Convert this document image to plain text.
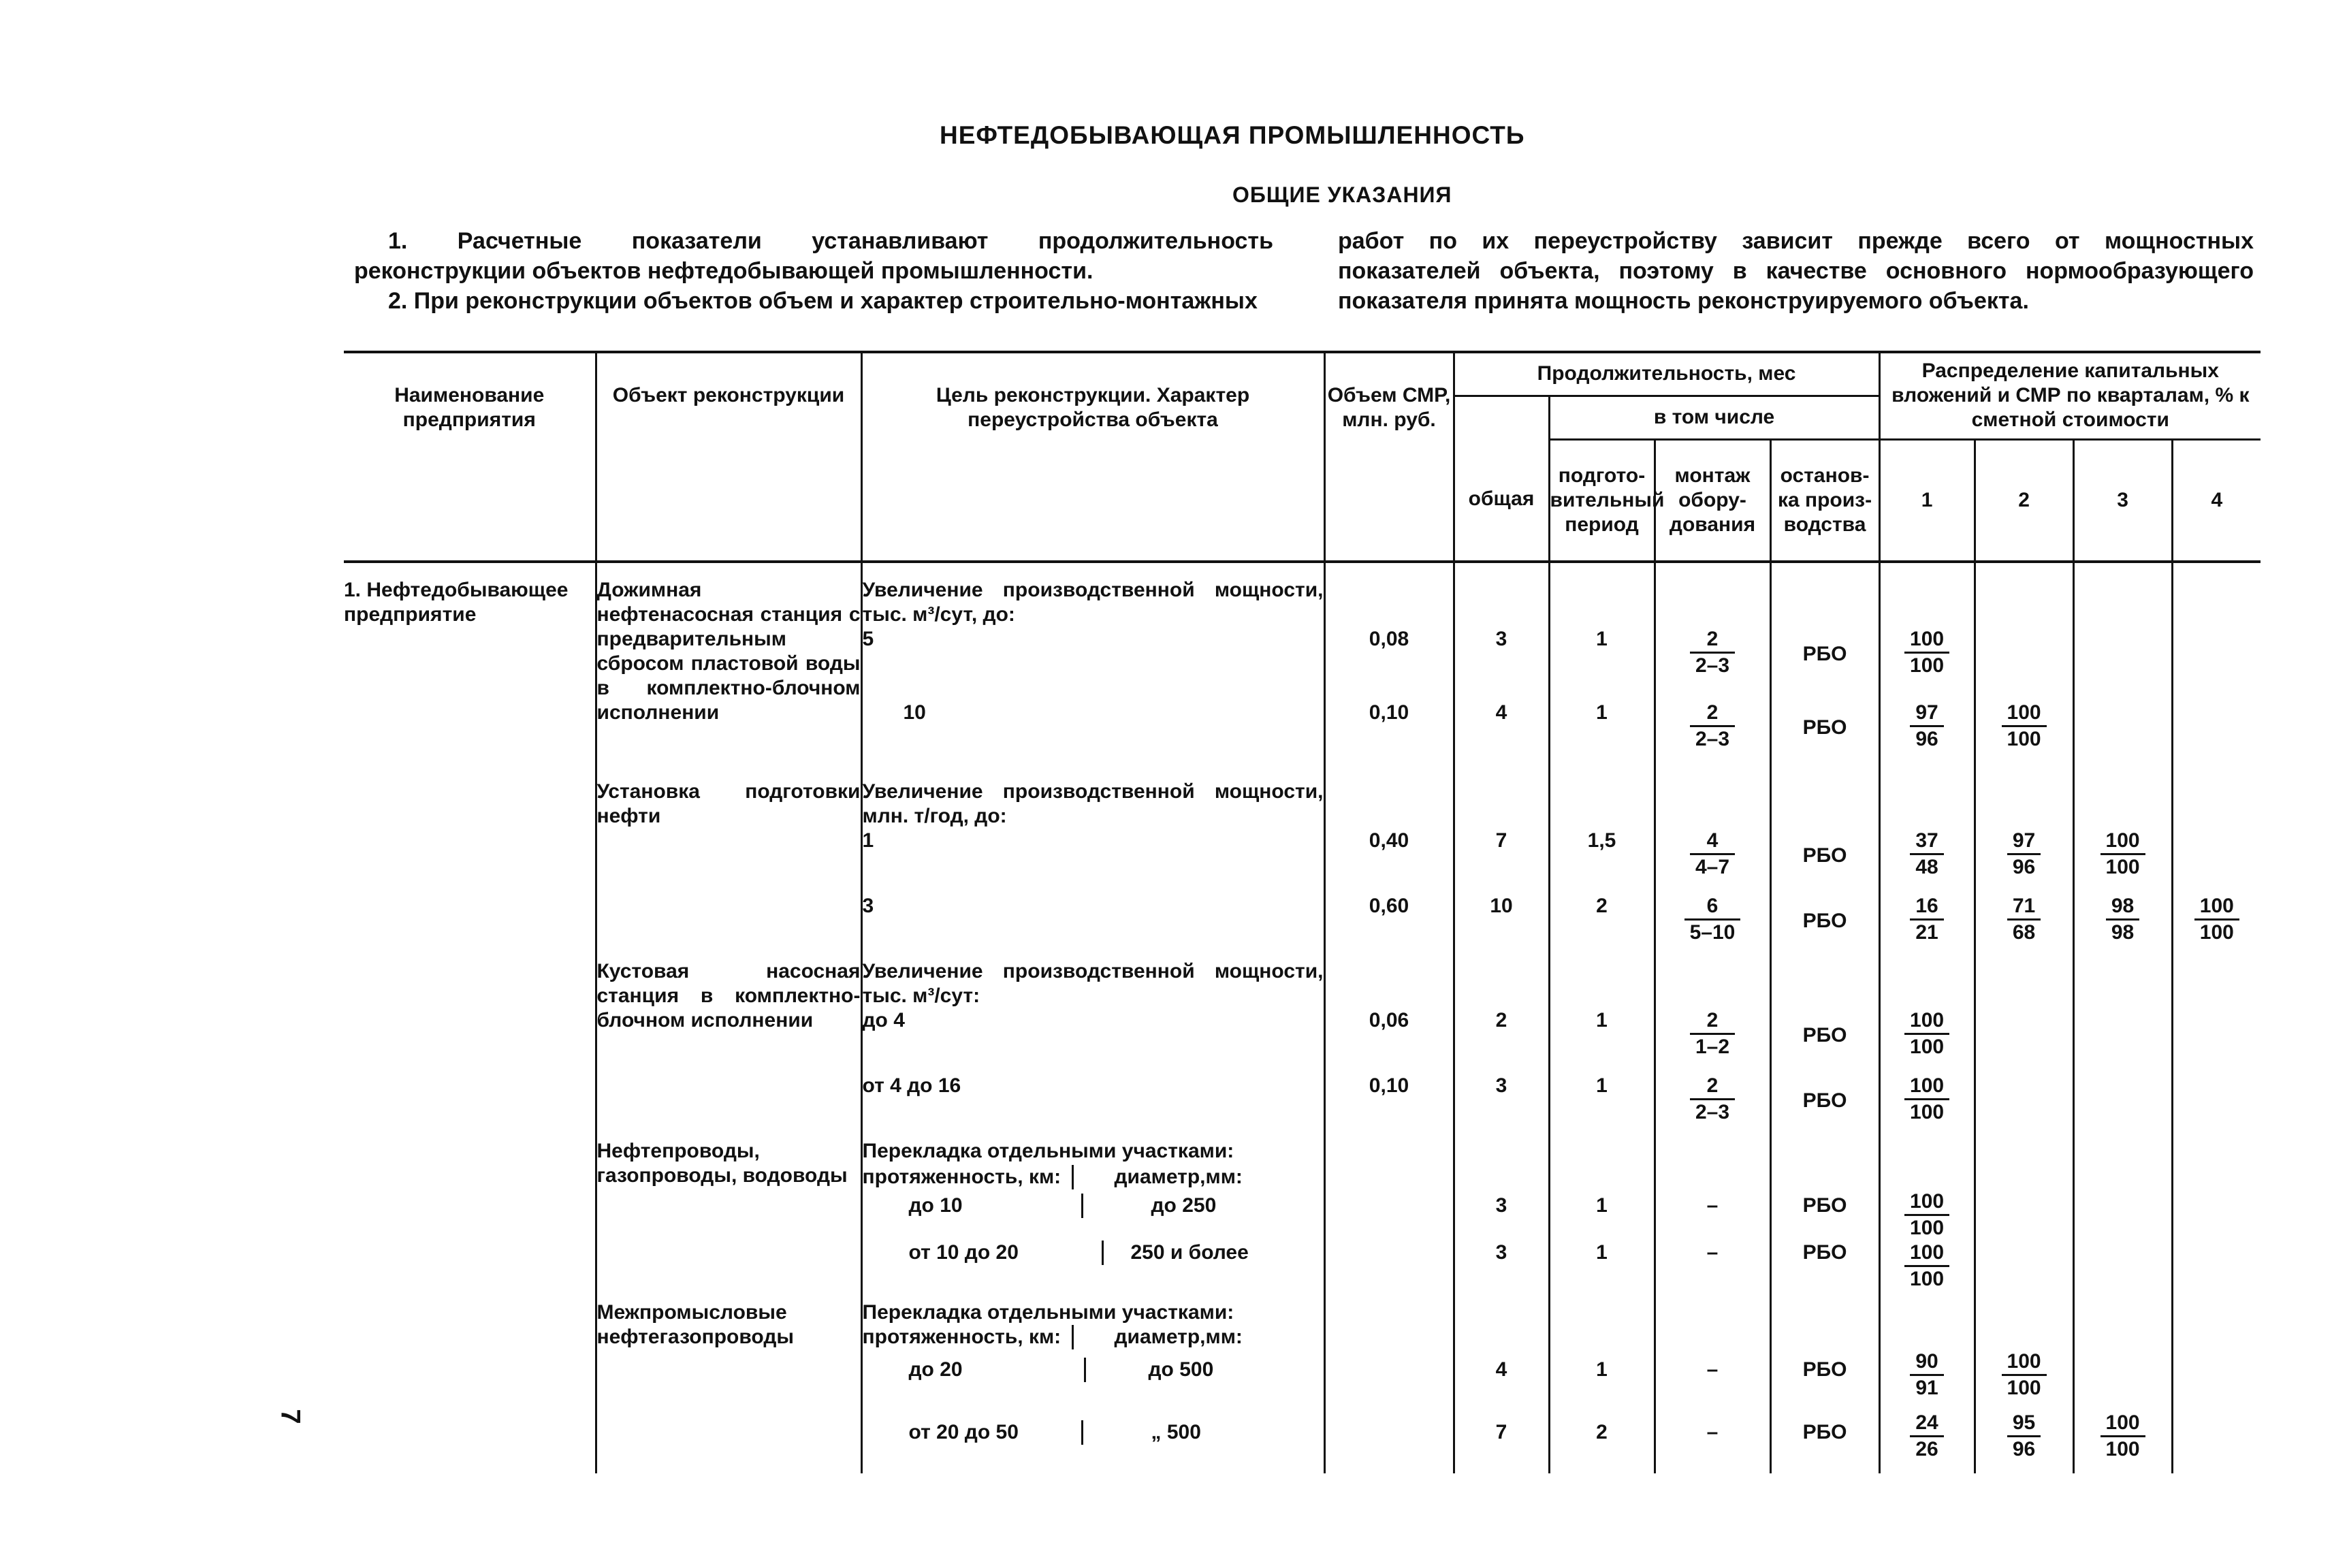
НЕФТЕДОБЫВАЮЩАЯ ПРОМЫШЛЕННОСТЬ
ОБЩИЕ УКАЗАНИЯ

1. Расчетные показатели устанавливают продолжительность реконструкции объектов нефтедобывающей промышленности.

2. При реконструкции объектов объем и характер строительно-монтажных

работ по их переустройству зависит прежде всего от мощностных показателей объекта, поэтому в качестве основного нормообразующего показателя принята мощность реконструируемого объекта.

7
Наименование предприятия	Объект реконструкции	Цель реконструкции. Характер переустройства объекта	Объем СМР, млн. руб.	Продолжительность, мес				Распределение капитальных вложений и СМР по кварталам, % к сметной стоимости			
				общая	в том числе						
					подгото-вительный период	монтаж обору-дования	останов-ка произ-водства	1	2	3	4
1. Нефтедобывающее предприятие	Дожимная нефтенасосная станция с предварительным сбросом пластовой воды в комплектно-блочном исполнении	Увеличение производственной мощности, тыс. м³/сут, до:									
		5	0,08	3	1	$\frac{2}{2-3}$	РБО	$\frac{100}{100}$

		10	0,10	4	1	$\frac{2}{2-3}$	РБО	$\frac{97}{96}$	$\frac{100}{100}$

	Установка подготовки нефти	Увеличение производственной мощности, млн. т/год, до:									
		1	0,40	7	1,5	$\frac{4}{4-7}$	РБО	$\frac{37}{48}$	$\frac{97}{96}$	$\frac{100}{100}$

		3	0,60	10	2	$\frac{6}{5-10}$	РБО	$\frac{16}{21}$	$\frac{71}{68}$	$\frac{98}{98}$	$\frac{100}{100}$

	Кустовая насосная станция в комплектно-блочном исполнении	Увеличение производственной мощности, тыс. м³/сут:									
		до 4	0,06	2	1	$\frac{2}{1-2}$	РБО	$\frac{100}{100}$

		от 4 до 16	0,10	3	1	$\frac{2}{2-3}$	РБО	$\frac{100}{100}$

	Нефтепроводы, газопроводы, водоводы	Перекладка отдельными участками:									

		протяженность, км: диаметр,мм:									

		до 10 до 250		3	1	–	РБО	$\frac{100}{100}$

		от 10 до 20 250 и более		3	1	–	РБО	$\frac{100}{100}$

	Межпромысловые нефтегазопроводы	Перекладка отдельными участками:									

		протяженность, км: диаметр,мм:									

		до 20 до 500		4	1	–	РБО	$\frac{90}{91}$	$\frac{100}{100}$

		от 20 до 50 „ 500		7	2	–	РБО	$\frac{24}{26}$	$\frac{95}{96}$	$\frac{100}{100}$
